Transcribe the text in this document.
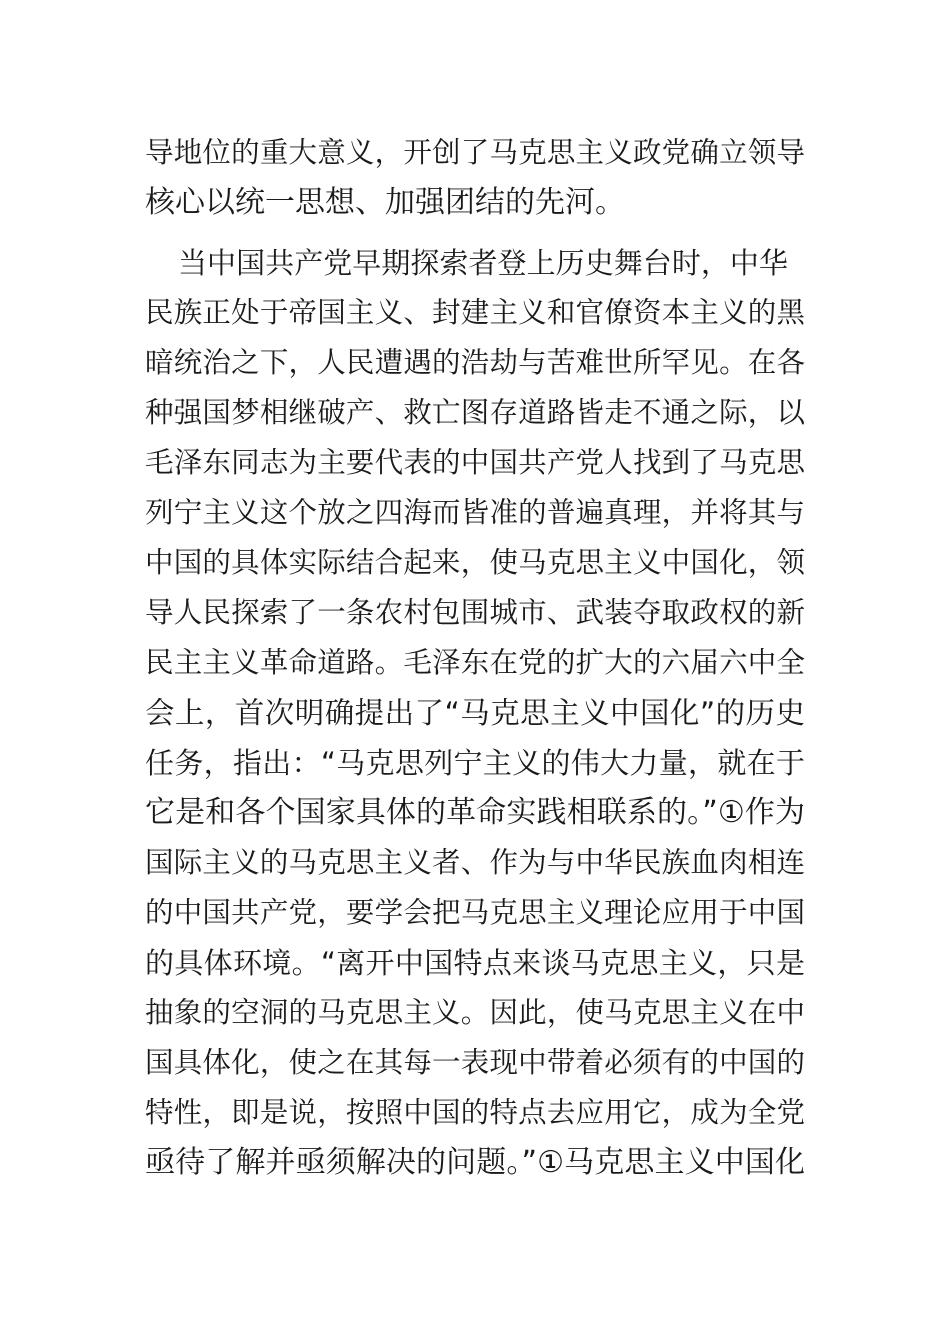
导地位的重大意义，开创了马克思主义政党确立领导
核心以统一思想、加强团结的先河。
当中国共产党早期探索者登上历史舞台时，中华
民族正处于帝国主义、封建主义和官僚资本主义的黑
暗统治之下，人民遭遇的浩劫与苦难世所罕见。在各
种强国梦相继破产、救亡图存道路皆走不通之际，以
毛泽东同志为主要代表的中国共产党人找到了马克思
列宁主义这个放之四海而皆准的普遍真理，并将其与
中国的具体实际结合起来，使马克思主义中国化，领
导人民探索了一条农村包围城市、武装夺取政权的新
民主主义革命道路。毛泽东在党的扩大的六届六中全
会上，首次明确提出了“马克思主义中国化”的历史
任务，指出：“马克思列宁主义的伟大力量，就在于
它是和各个国家具体的革命实践相联系的。”①作为
国际主义的马克思主义者、作为与中华民族血肉相连
的中国共产党，要学会把马克思主义理论应用于中国
的具体环境。“离开中国特点来谈马克思主义，只是
抽象的空洞的马克思主义。因此，使马克思主义在中
国具体化，使之在其每一表现中带着必须有的中国的
特性，即是说，按照中国的特点去应用它，成为全党
亟待了解并亟须解决的问题。”①马克思主义中国化
